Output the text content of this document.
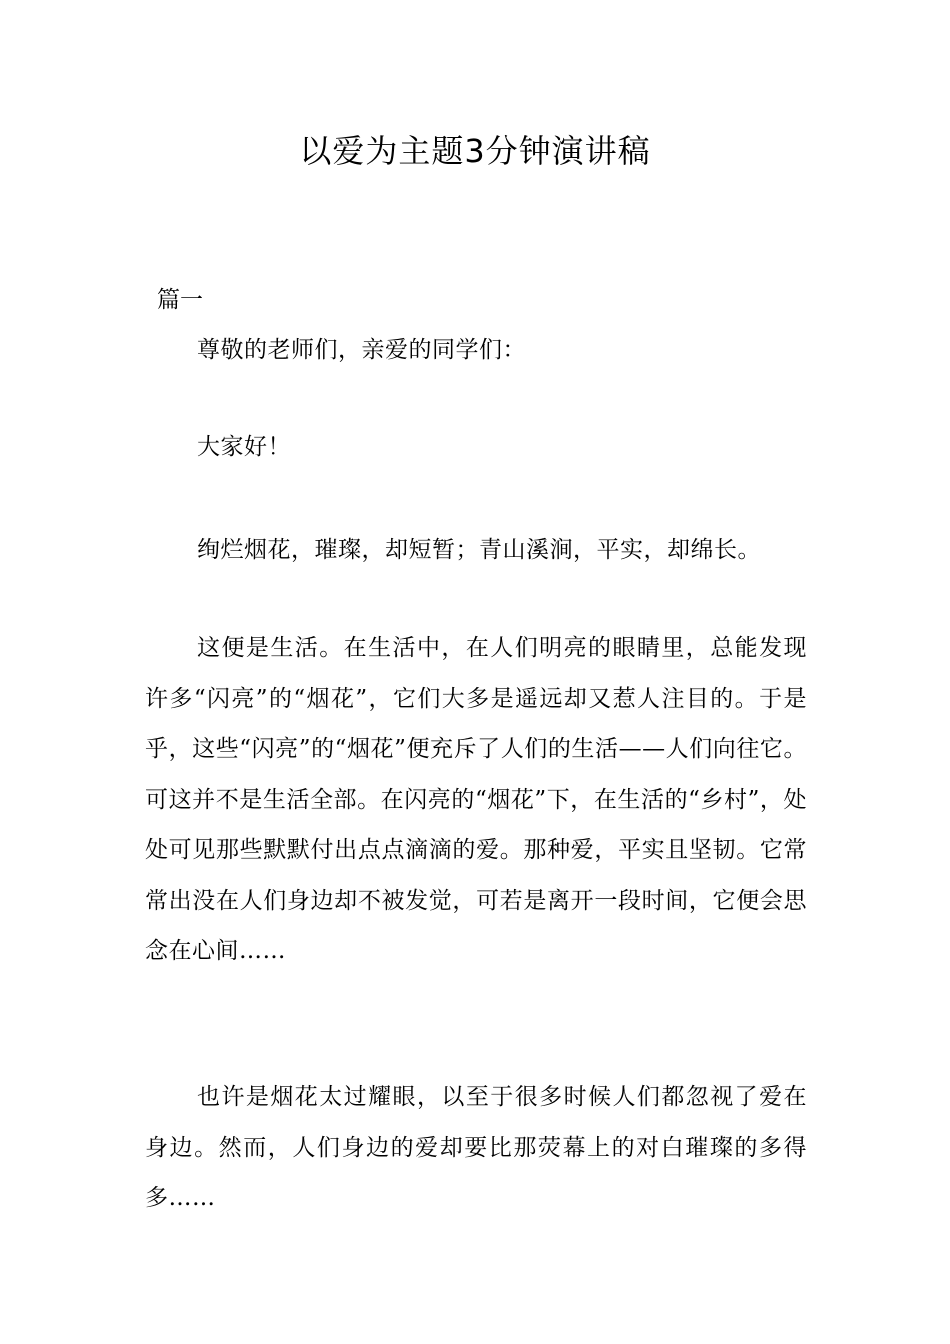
以爱为主题3分钟演讲稿
篇一

尊敬的老师们，亲爱的同学们：

大家好！

绚烂烟花，璀璨，却短暂；青山溪涧，平实，却绵长。

这便是生活。在生活中，在人们明亮的眼睛里，总能发现许多“闪亮”的“烟花”，它们大多是遥远却又惹人注目的。于是乎，这些“闪亮”的“烟花”便充斥了人们的生活——人们向往它。可这并不是生活全部。在闪亮的“烟花”下，在生活的“乡村”，处处可见那些默默付出点点滴滴的爱。那种爱，平实且坚韧。它常常出没在人们身边却不被发觉，可若是离开一段时间，它便会思念在心间……

也许是烟花太过耀眼，以至于很多时候人们都忽视了爱在身边。然而，人们身边的爱却要比那荧幕上的对白璀璨的多得多……
